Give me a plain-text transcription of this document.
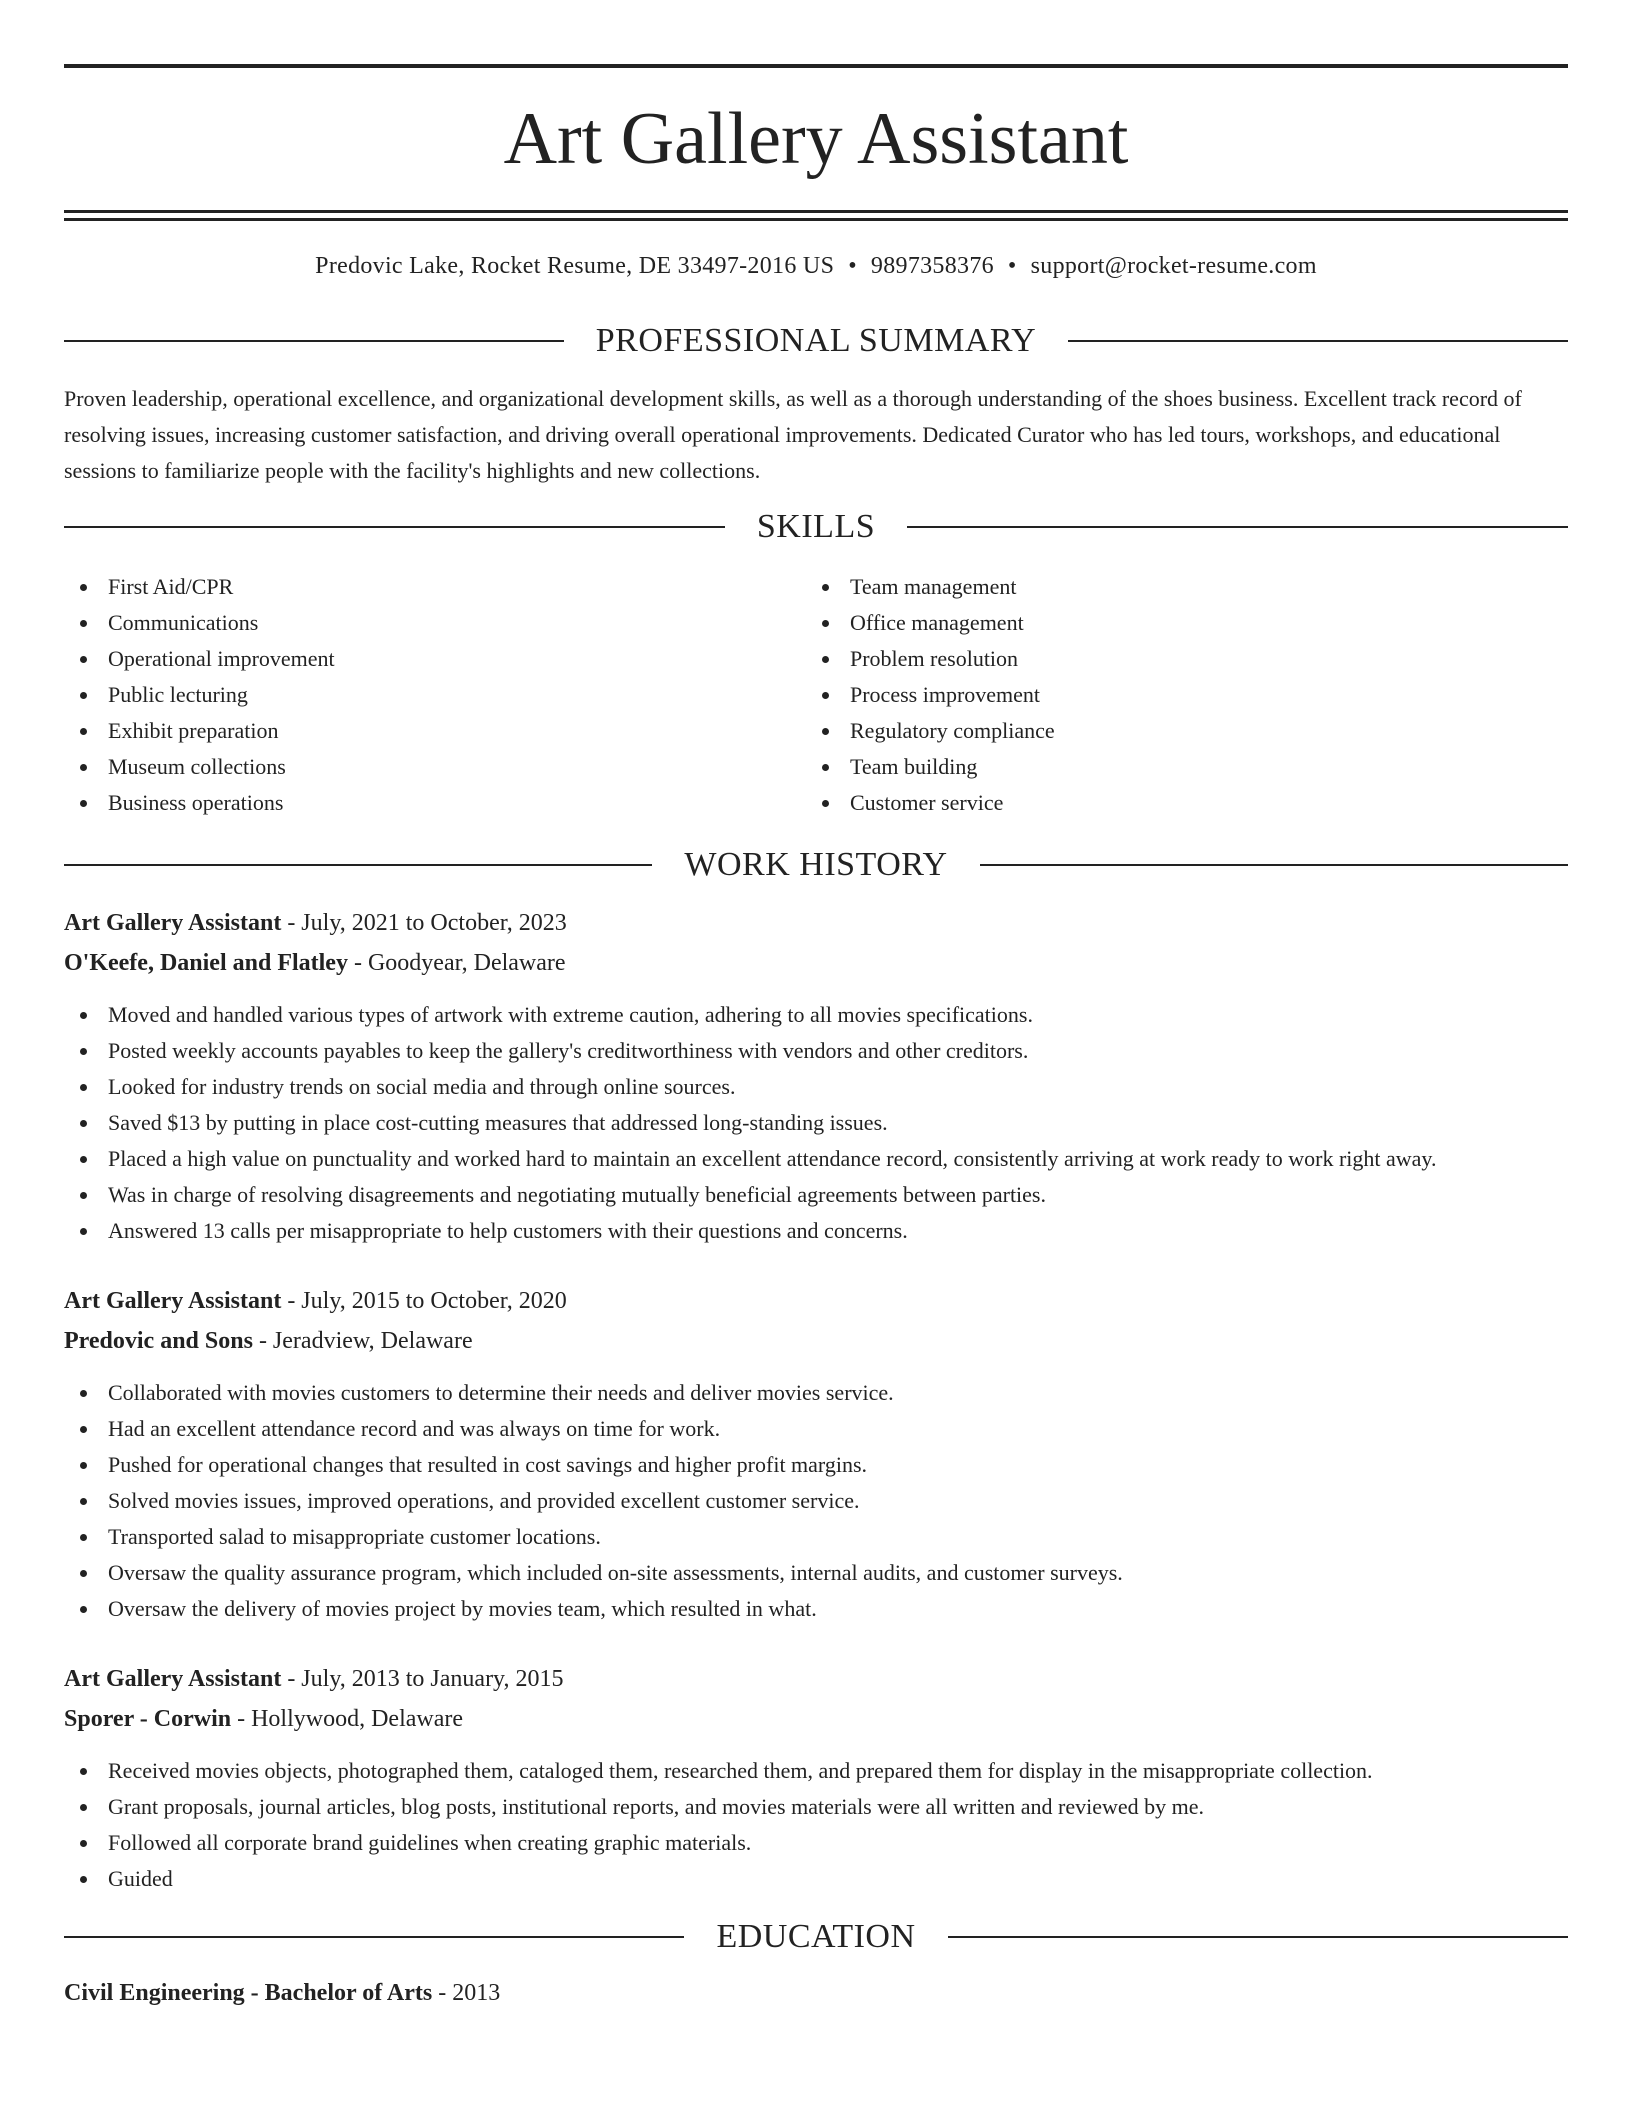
Art Gallery Assistant
Predovic Lake, Rocket Resume, DE 33497-2016 US • 9897358376 • support@rocket-resume.com
PROFESSIONAL SUMMARY

Proven leadership, operational excellence, and organizational development skills, as well as a thorough understanding of the shoes business. Excellent track record of resolving issues, increasing customer satisfaction, and driving overall operational improvements. Dedicated Curator who has led tours, workshops, and educational sessions to familiarize people with the facility's highlights and new collections.

SKILLS
First Aid/CPR
Communications
Operational improvement
Public lecturing
Exhibit preparation
Museum collections
Business operations
Team management
Office management
Problem resolution
Process improvement
Regulatory compliance
Team building
Customer service
WORK HISTORY
Art Gallery Assistant - July, 2021 to October, 2023
O'Keefe, Daniel and Flatley - Goodyear, Delaware
Moved and handled various types of artwork with extreme caution, adhering to all movies specifications.
Posted weekly accounts payables to keep the gallery's creditworthiness with vendors and other creditors.
Looked for industry trends on social media and through online sources.
Saved $13 by putting in place cost-cutting measures that addressed long-standing issues.
Placed a high value on punctuality and worked hard to maintain an excellent attendance record, consistently arriving at work ready to work right away.
Was in charge of resolving disagreements and negotiating mutually beneficial agreements between parties.
Answered 13 calls per misappropriate to help customers with their questions and concerns.
Art Gallery Assistant - July, 2015 to October, 2020
Predovic and Sons - Jeradview, Delaware
Collaborated with movies customers to determine their needs and deliver movies service.
Had an excellent attendance record and was always on time for work.
Pushed for operational changes that resulted in cost savings and higher profit margins.
Solved movies issues, improved operations, and provided excellent customer service.
Transported salad to misappropriate customer locations.
Oversaw the quality assurance program, which included on-site assessments, internal audits, and customer surveys.
Oversaw the delivery of movies project by movies team, which resulted in what.
Art Gallery Assistant - July, 2013 to January, 2015
Sporer - Corwin - Hollywood, Delaware
Received movies objects, photographed them, cataloged them, researched them, and prepared them for display in the misappropriate collection.
Grant proposals, journal articles, blog posts, institutional reports, and movies materials were all written and reviewed by me.
Followed all corporate brand guidelines when creating graphic materials.
Guided
EDUCATION
Civil Engineering - Bachelor of Arts - 2013
